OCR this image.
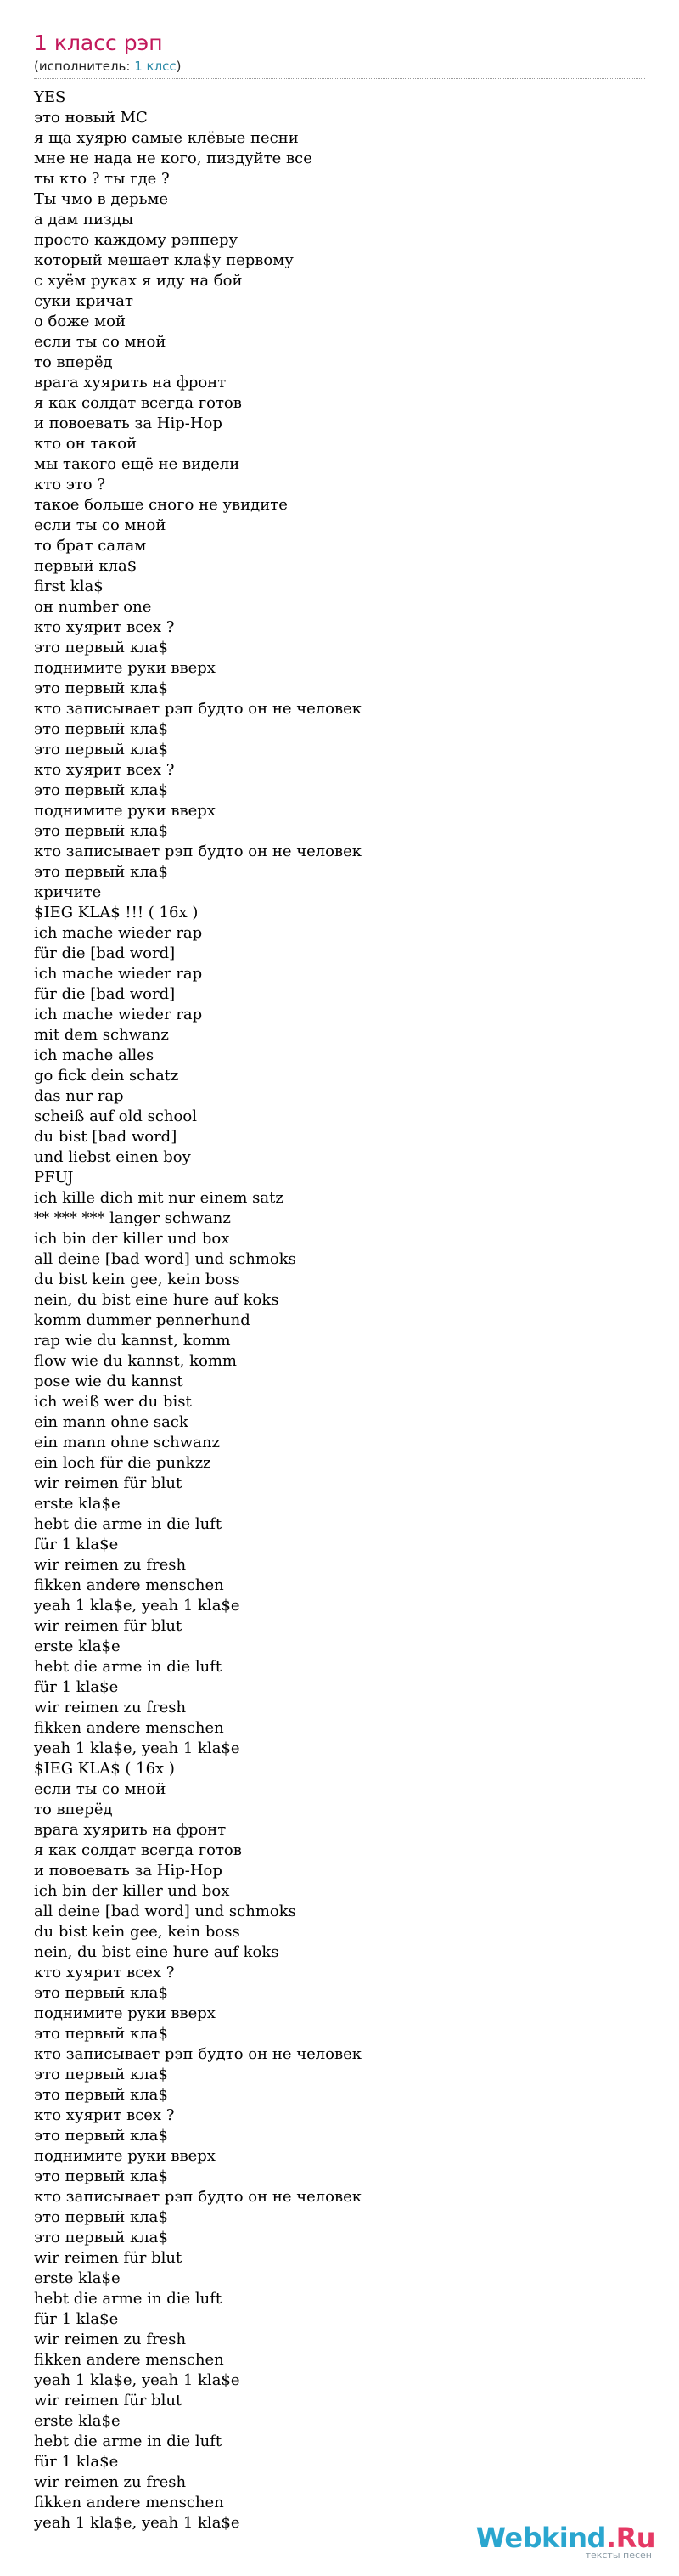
1 класс рэп
(исполнитель: 1 клсс)
YES
это новый МС
я ща хуярю самые клёвые песни
мне не нада не кого, пиздуйте все
ты кто ? ты где ?
Ты чмо в дерьме
а дам пизды
просто каждому рэпперу
который мешает кла$у первому
с хуём руках я иду на бой
суки кричат
о боже мой
если ты со мной
то вперёд
врага хуярить на фронт
я как солдат всегда готов
и повоевать за Hip-Hop
кто он такой
мы такого ещё не видели
кто это ?
такое больше сного не увидите
если ты со мной
то брат салам
первый кла$
first kla$
он number one
кто хуярит всех ?
это первый кла$
поднимите руки вверх
это первый кла$
кто записывает рэп будто он не человек
это первый кла$
это первый кла$
кто хуярит всех ?
это первый кла$
поднимите руки вверх
это первый кла$
кто записывает рэп будто он не человек
это первый кла$
кричите
$IEG KLA$ !!! ( 16x )
ich mache wieder rap
für die [bad word]
ich mache wieder rap
für die [bad word]
ich mache wieder rap
mit dem schwanz
ich mache alles
go fick dein schatz
das nur rap
scheiß auf old school
du bist [bad word]
und liebst einen boy
PFUJ
ich kille dich mit nur einem satz
** *** *** langer schwanz
ich bin der killer und box
all deine [bad word] und schmoks
du bist kein gee, kein boss
nein, du bist eine hure auf koks
komm dummer pennerhund
rap wie du kannst, komm
flow wie du kannst, komm
pose wie du kannst
ich weiß wer du bist
ein mann ohne sack
ein mann ohne schwanz
ein loch für die punkzz
wir reimen für blut
erste kla$e
hebt die arme in die luft
für 1 kla$e
wir reimen zu fresh
fikken andere menschen
yeah 1 kla$e, yeah 1 kla$e
wir reimen für blut
erste kla$e
hebt die arme in die luft
für 1 kla$e
wir reimen zu fresh
fikken andere menschen
yeah 1 kla$e, yeah 1 kla$e
$IEG KLA$ ( 16x )
если ты со мной
то вперёд
врага хуярить на фронт
я как солдат всегда готов
и повоевать за Hip-Hop
ich bin der killer und box
all deine [bad word] und schmoks
du bist kein gee, kein boss
nein, du bist eine hure auf koks
кто хуярит всех ?
это первый кла$
поднимите руки вверх
это первый кла$
кто записывает рэп будто он не человек
это первый кла$
это первый кла$
кто хуярит всех ?
это первый кла$
поднимите руки вверх
это первый кла$
кто записывает рэп будто он не человек
это первый кла$
это первый кла$
wir reimen für blut
erste kla$e
hebt die arme in die luft
für 1 kla$e
wir reimen zu fresh
fikken andere menschen
yeah 1 kla$e, yeah 1 kla$e
wir reimen für blut
erste kla$e
hebt die arme in die luft
für 1 kla$e
wir reimen zu fresh
fikken andere menschen
yeah 1 kla$e, yeah 1 kla$e	Webkind.Ru
тексты песен
